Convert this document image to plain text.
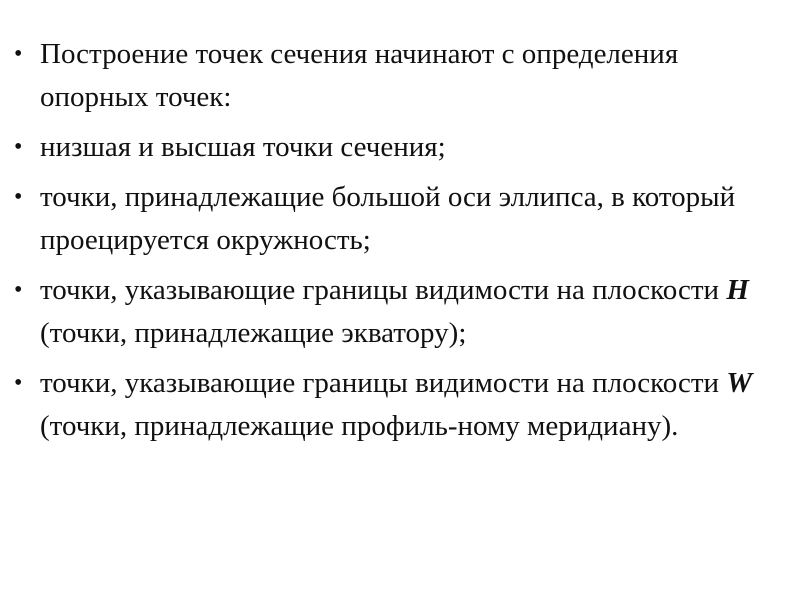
• Построение точек сечения начинают с определения опорных точек:
• низшая и высшая точки сечения;
• точки, принадлежащие большой оси эллипса, в который проецируется окружность;
• точки, указывающие границы видимости на плоскости H (точки, принадлежащие экватору);
• точки, указывающие границы видимости на плоскости W (точки, принадлежащие профиль-ному меридиану).
